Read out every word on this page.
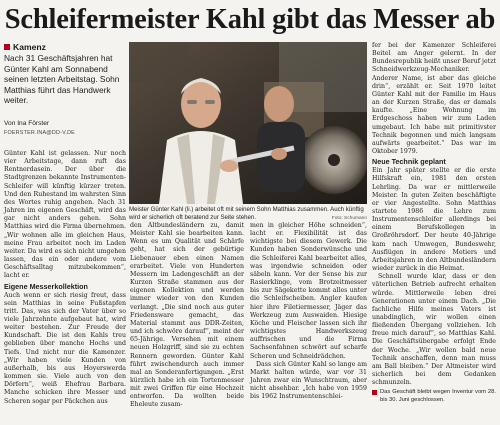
Schleifermeister Kahl gibt das Messer ab
Kamenz
Nach 31 Geschäftsjahren hat Günter Kahl am Sonnabend seinen letzten Arbeitstag. Sohn Matthias führt das Handwerk weiter.
Von Ina Förster
FOERSTER.INA@DD-V.DE
Meister Günter Kahl (li.) arbeitet oft mit seinem Sohn Matthias zusammen. Auch künftig wird er sicherlich oft beratend zur Seite stehen.	Foto: Schumann

Günter Kahl ist gelassen. Nur noch vier Arbeitstage, dann ruft das Rentnerdasein. Der über die Stadtgrenzen bekannte Instrumenten-Schleifer will künftig kürzer treten. Und den Ruhestand im wahrsten Sinn des Wortes ruhig angehen. Nach 31 Jahren im eigenen Geschäft, wird das gar nicht anders gehen. Sohn Matthias wird die Firma übernehmen. „Wir wohnen alle im gleichen Haus, meine Frau arbeitet noch im Laden weiter. Da wird es sich nicht umgehen lassen, das ein oder andere vom Geschäftsalltag mitzubekommen“, lacht er.

Eigene Messerkollektion

Auch wenn er sich riesig freut, dass sein Matthias in seine Fußstapfen tritt. Das, was sich der Vater über so viele Jahrzehnte aufgebaut hat, wird weiter bestehen. Zur Freude der Kundschaft. Die ist den Kahls treu geblieben über manche Hochs und Tiefs. Und nicht nur die Kamenzer. „Wir haben viele Kunden von außerhalb, bis aus Hoyerswerda kommen sie. Viele auch von den Dörfern“, weiß Ehefrau Barbara. Manche schicken ihre Messer und Scheren sogar per Päckchen aus

den Altbundesländern zu, damit Meister Kahl sie bearbeiten kann. Wenn es um Qualität und Schärfe geht, hat sich der gebürtige Liebenauer eben einen Namen erarbeitet. Viele von Hunderten Messern im Ladengeschäft an der Kurzen Straße stammen aus der eigenen Kollektion und werden immer wieder von den Kunden verlangt. „Die sind noch aus guter Friedensware gemacht, das Material stammt aus DDR-Zeiten, und ich schwöre darauf“, meint der 65-Jährige. Versehen mit einem neuen Holzgriff, sind sie zu echten Rennern geworden. Günter Kahl führt zwischendurch auch immer mal an Sonderanfertigungen. „Erst kürzlich habe ich ein Tortenmesser mit zwei Griffen für eine Hochzeit entworfen. Da wollten beide Eheleute zusam-

men in gleicher Höhe schneiden“, lacht er. Flexibilität ist das wichtigste bei diesem Gewerk. Die Kunden haben Sonderwünsche und die Schleiferei Kahl bearbeitet alles, was irgendwie schneiden oder säbeln kann. Vor der Sense bis zur Rasierklinge, vom Brotzeitmesser bis zur Sägekette kommt alles unter die Schleifscheiben. Angler kaufen hier ihre Filetiermesser, Jäger das Werkzeug zum Auswaiden. Hiesige Köche und Fleischer lassen sich ihr wichtigstes Handwerkszeug auffrischen und die Firma Sachsenfahnen schwört auf scharfe Scheren und Schneidrädchen.

Dass sich Günter Kahl so lange am Markt halten würde, war vor 31 Jahren zwar ein Wunschtraum, aber nicht absehbar. „Ich habe von 1959 bis 1962 Instrumentenschlei-

fer bei der Kamenzer Schleiferei Beitel am Anger gelernt. In der Bundesrepublik heißt unser Beruf jetzt Schneidwerkzeug-Mechaniker. Anderer Name, ist aber das gleiche drin“, erzählt er. Seit 1970 leitet Günter Kahl mit der Familie im Haus an der Kurzen Straße, das er damals kaufte. „Eine Wohnung im Erdgeschoss haben wir zum Laden umgebaut. Ich habe mit primitivster Technik begonnen und mich langsam aufwärts gearbeitet.“ Das war im Oktober 1979.

Neue Technik geplant

Ein Jahr später stellte er die erste Hilfskraft ein, 1981 den ersten Lehrling. Da war er mittlerweile Meister. In guten Zeiten beschäftigte er vier Angestellte. Sohn Matthias startete 1986 die Lehre zum Instrumentenschleifer allerdings bei einem Berufskollegen in Großröhrsdorf. Der heute 40-Jährige kam nach Umwegen, Bundeswehr, Ausflügen in andere Metiers und Arbeitsjahren in den Altbundesländern wieder zurück in die Heimat.

Schnell wurde klar, dass er den väterlichen Betrieb aufrecht erhalten würde. Mittlerweile leben drei Generationen unter einem Dach. „Die fachliche Hilfe meines Vaters ist unabdinglich, wir wollen einen fließenden Übergang vollziehen. Ich freue mich darauf“, so Matthias Kahl. Die Geschäftsübergabe erfolgt Ende der Woche. „Wir wollen bald neue Technik anschaffen, denn man muss am Ball bleiben.“ Der Altmeister wird sicherlich bei dem Gedanken schmunzeln.

Das Geschäft bleibt wegen Inventur vom 28. bis 30. Juni geschlossen.
